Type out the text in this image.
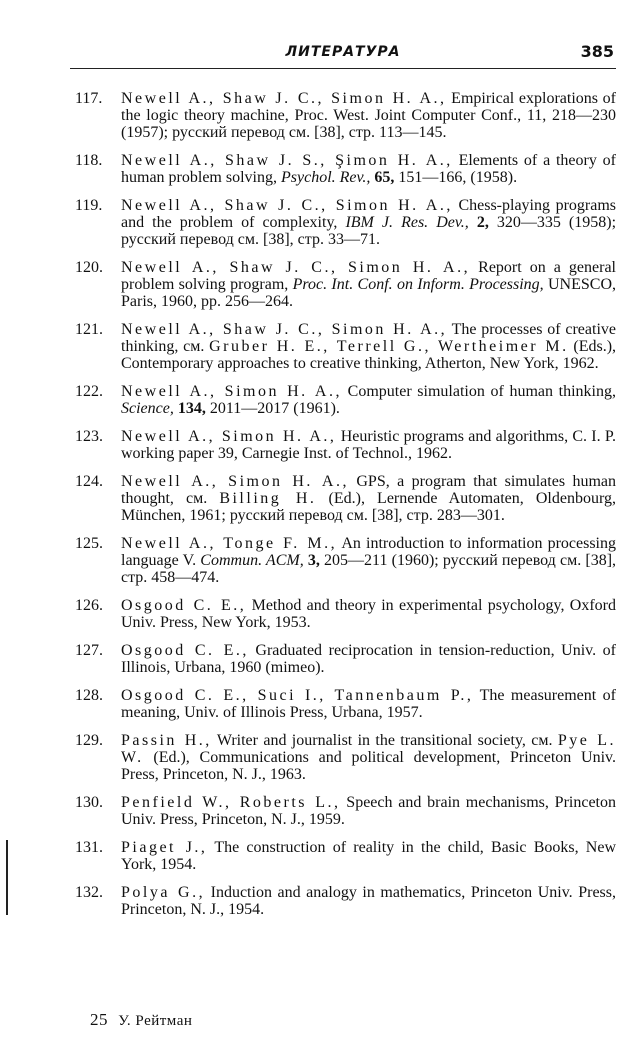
ЛИТЕРАТУРА	385
117. Newell A., Shaw J. C., Simon H. A., Empirical explorations of the logic theory machine, Proc. West. Joint Computer Conf., 11, 218—230 (1957); русский перевод см. [38], стр. 113—145.
118. Newell A., Shaw J. S., Şimon H. A., Elements of a theory of human problem solving, Psychol. Rev., 65, 151—166, (1958).
119. Newell A., Shaw J. C., Simon H. A., Chess-playing programs and the problem of complexity, IBM J. Res. Dev., 2, 320—335 (1958); русский перевод см. [38], стр. 33—71.
120. Newell A., Shaw J. C., Simon H. A., Report on a general problem solving program, Proc. Int. Conf. on Inform. Processing, UNESCO, Paris, 1960, pp. 256—264.
121. Newell A., Shaw J. C., Simon H. A., The processes of creative thinking, см. Gruber H. E., Terrell G., Wertheimer M. (Eds.), Contemporary approaches to creative thinking, Atherton, New York, 1962.
122. Newell A., Simon H. A., Computer simulation of human thinking, Science, 134, 2011—2017 (1961).
123. Newell A., Simon H. A., Heuristic programs and algorithms, C. I. P. working paper 39, Carnegie Inst. of Technol., 1962.
124. Newell A., Simon H. A., GPS, a program that simulates human thought, см. Billing H. (Ed.), Lernende Automaten, Oldenbourg, München, 1961; русский перевод см. [38], стр. 283—301.
125. Newell A., Tonge F. M., An introduction to information processing language V. Commun. ACM, 3, 205—211 (1960); русский перевод см. [38], стр. 458—474.
126. Osgood C. E., Method and theory in experimental psychology, Oxford Univ. Press, New York, 1953.
127. Osgood C. E., Graduated reciprocation in tension-reduction, Univ. of Illinois, Urbana, 1960 (mimeo).
128. Osgood C. E., Suci I., Tannenbaum P., The measurement of meaning, Univ. of Illinois Press, Urbana, 1957.
129. Passin H., Writer and journalist in the transitional society, см. Pye L. W. (Ed.), Communications and political development, Princeton Univ. Press, Princeton, N. J., 1963.
130. Penfield W., Roberts L., Speech and brain mechanisms, Princeton Univ. Press, Princeton, N. J., 1959.
131. Piaget J., The construction of reality in the child, Basic Books, New York, 1954.
132. Polya G., Induction and analogy in mathematics, Princeton Univ. Press, Princeton, N. J., 1954.
25 У. Рейтман
